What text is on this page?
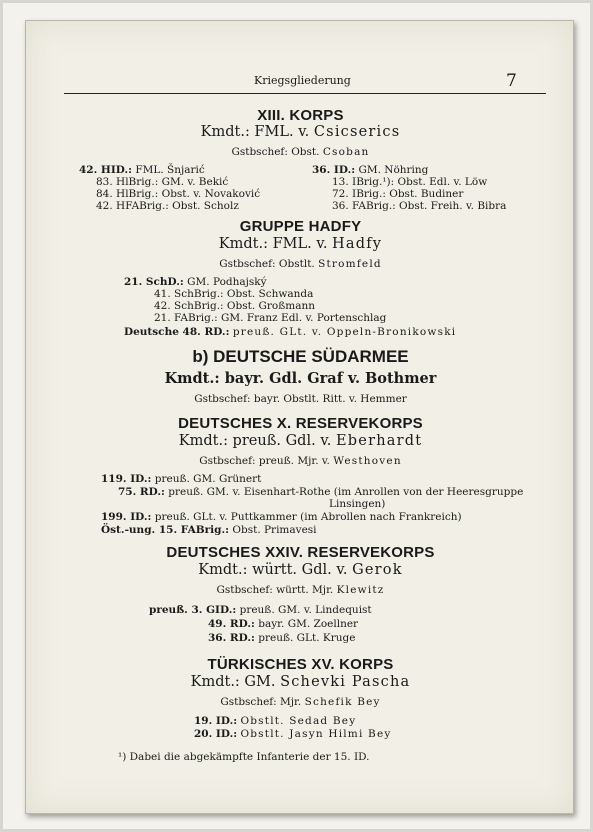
Kriegsgliederung	7
XIII. KORPS
Kmdt.: FML. v. Csicserics
Gstbschef: Obst. Csoban
42. HID.: FML. Šnjarić
83. HlBrig.: GM. v. Bekić
84. HlBrig.: Obst. v. Novaković
42. HFABrig.: Obst. Scholz
36. ID.: GM. Nöhring
13. IBrig.¹): Obst. Edl. v. Löw
72. IBrig.: Obst. Budiner
36. FABrig.: Obst. Freih. v. Bibra
GRUPPE HADFY
Kmdt.: FML. v. Hadfy
Gstbschef: Obstlt. Stromfeld
21. SchD.: GM. Podhajský
41. SchBrig.: Obst. Schwanda
42. SchBrig.: Obst. Großmann
21. FABrig.: GM. Franz Edl. v. Portenschlag
Deutsche 48. RD.: preuß. GLt. v. Oppeln-Bronikowski
b) DEUTSCHE SÜDARMEE
Kmdt.: bayr. Gdl. Graf v. Bothmer
Gstbschef: bayr. Obstlt. Ritt. v. Hemmer
DEUTSCHES X. RESERVEKORPS
Kmdt.: preuß. Gdl. v. Eberhardt
Gstbschef: preuß. Mjr. v. Westhoven
119. ID.: preuß. GM. Grünert
75. RD.: preuß. GM. v. Eisenhart-Rothe (im Anrollen von der Heeresgruppe
Linsingen)
199. ID.: preuß. GLt. v. Puttkammer (im Abrollen nach Frankreich)
Öst.-ung. 15. FABrig.: Obst. Primavesi
DEUTSCHES XXIV. RESERVEKORPS
Kmdt.: württ. Gdl. v. Gerok
Gstbschef: württ. Mjr. Klewitz
preuß. 3. GID.: preuß. GM. v. Lindequist
49. RD.: bayr. GM. Zoellner
36. RD.: preuß. GLt. Kruge
TÜRKISCHES XV. KORPS
Kmdt.: GM. Schevki Pascha
Gstbschef: Mjr. Schefik Bey
19. ID.: Obstlt. Sedad Bey
20. ID.: Obstlt. Jasyn Hilmi Bey
¹) Dabei die abgekämpfte Infanterie der 15. ID.
